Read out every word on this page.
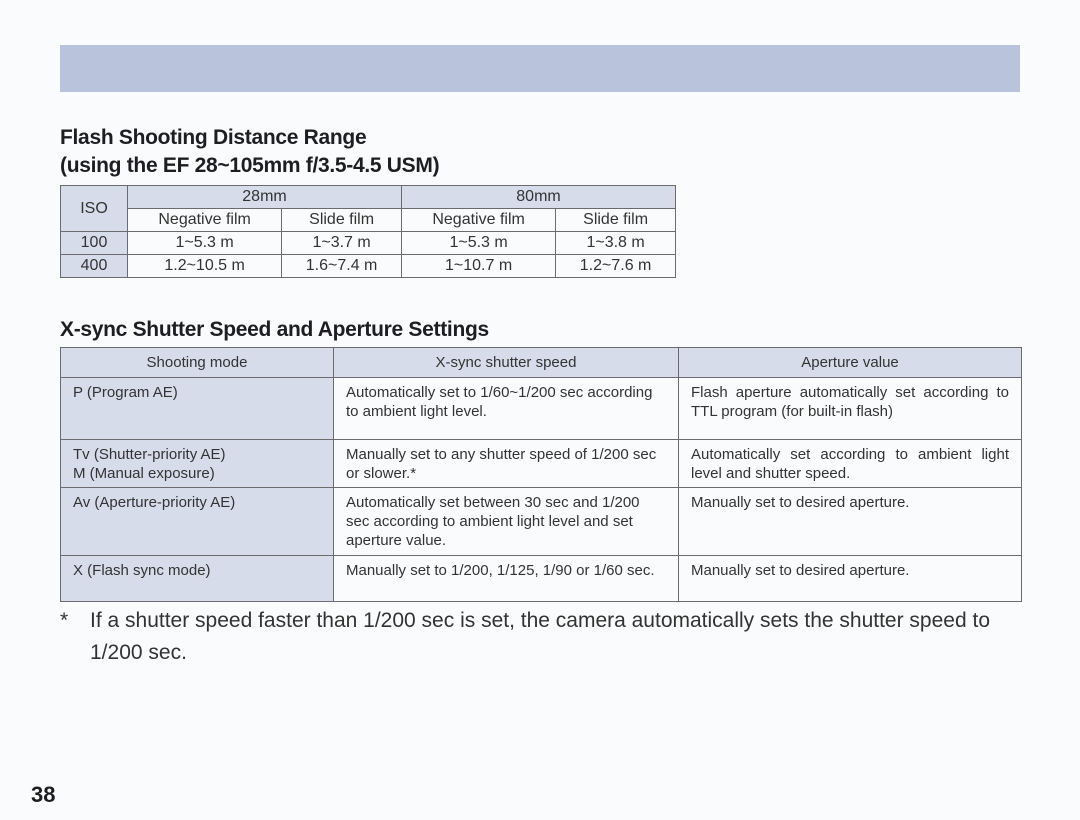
Flash Shooting Distance Range
(using the EF 28~105mm f/3.5-4.5 USM)
ISO	28mm		80mm	
	Negative film	Slide film	Negative film	Slide film
100	1~5.3 m	1~3.7 m	1~5.3 m	1~3.8 m
400	1.2~10.5 m	1.6~7.4 m	1~10.7 m	1.2~7.6 m
X-sync Shutter Speed and Aperture Settings
Shooting mode	X-sync shutter speed	Aperture value
P (Program AE)	Automatically set to 1/60~1/200 sec according to ambient light level.	Flash aperture automatically set according to TTL program (for built-in flash)

Tv (Shutter-priority AE)
M (Manual exposure)	Manually set to any shutter speed of 1/200 sec or slower.*	Automatically set according to ambient light level and shutter speed.
Av (Aperture-priority AE)	Automatically set between 30 sec and 1/200 sec according to ambient light level and set aperture value.	Manually set to desired aperture.
X (Flash sync mode)	Manually set to 1/200, 1/125, 1/90 or 1/60 sec.	Manually set to desired aperture.
*	If a shutter speed faster than 1/200 sec is set, the camera automatically sets the shutter speed to 1/200 sec.
38
